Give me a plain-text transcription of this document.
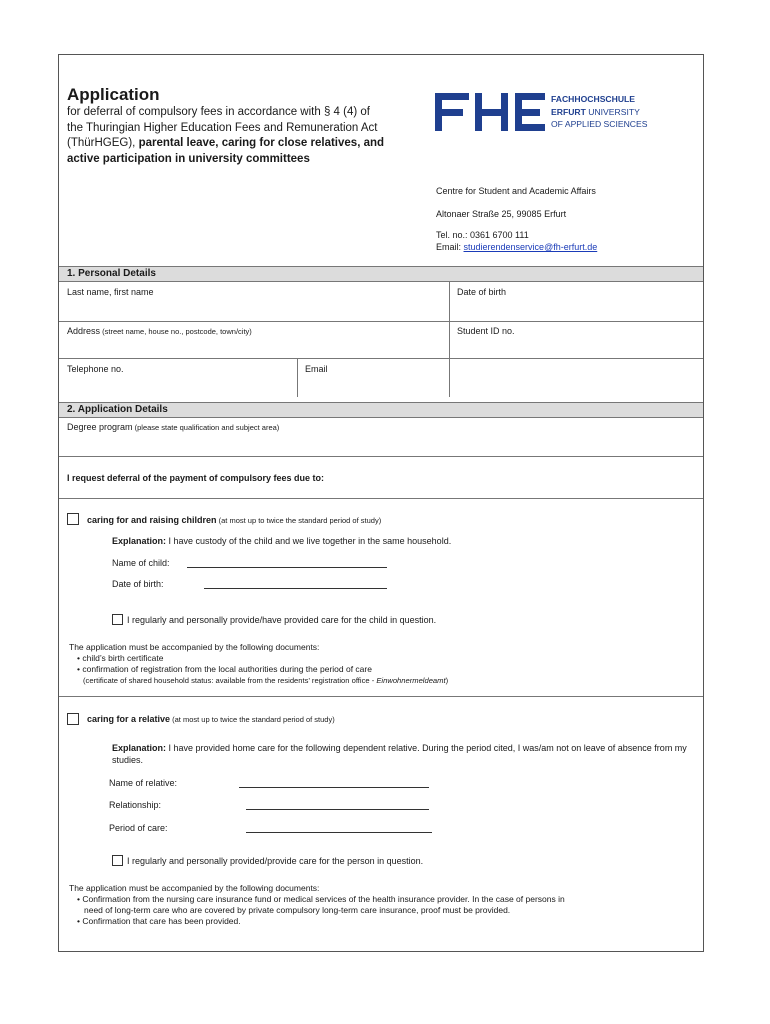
Application
for deferral of compulsory fees in accordance with § 4 (4) of the Thuringian Higher Education Fees and Remuneration Act (ThürHGEG), parental leave, caring for close relatives, and active participation in university committees
FACHHOCHSCHULE
ERFURT UNIVERSITY
OF APPLIED SCIENCES
Centre for Student and Academic Affairs
Altonaer Straße 25, 99085 Erfurt
Tel. no.: 0361 6700 111
Email: studierendenservice@fh-erfurt.de
1. Personal Details
Last name, first name	Date of birth
Address (street name, house no., postcode, town/city)	Student ID no.
Telephone no.	Email
2. Application Details
Degree program (please state qualification and subject area)
I request deferral of the payment of compulsory fees due to:
caring for and raising children (at most up to twice the standard period of study)
Explanation: I have custody of the child and we live together in the same household.
Name of child:
Date of birth:
I regularly and personally provide/have provided care for the child in question.
The application must be accompanied by the following documents:
• child’s birth certificate
• confirmation of registration from the local authorities during the period of care
(certificate of shared household status: available from the residents’ registration office - Einwohnermeldeamt)
caring for a relative (at most up to twice the standard period of study)
Explanation: I have provided home care for the following dependent relative. During the period cited, I was/am not on leave of absence from my studies.
Name of relative:
Relationship:
Period of care:
I regularly and personally provided/provide care for the person in question.
The application must be accompanied by the following documents:
• Confirmation from the nursing care insurance fund or medical services of the health insurance provider. In the case of persons in
need of long-term care who are covered by private compulsory long-term care insurance, proof must be provided.
• Confirmation that care has been provided.
